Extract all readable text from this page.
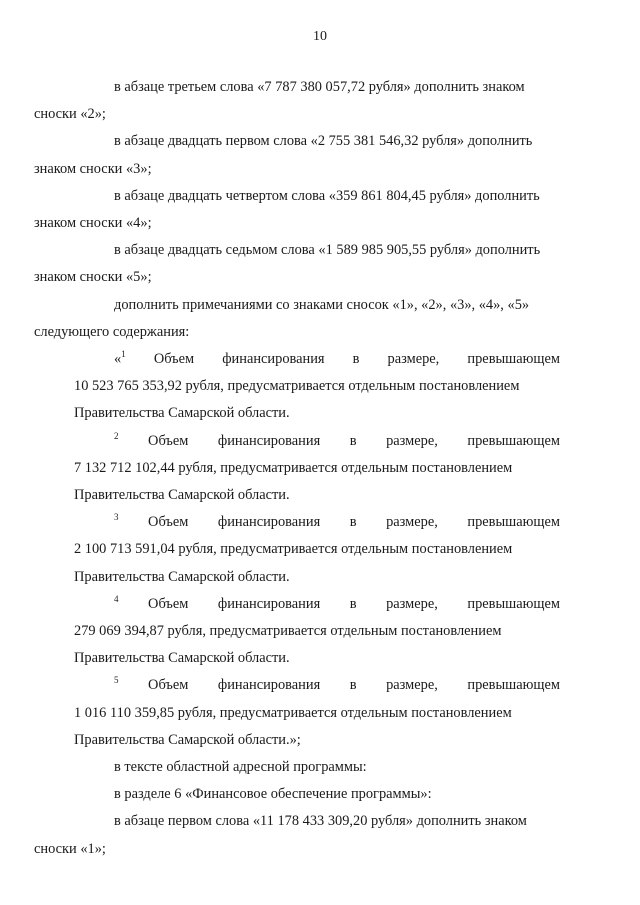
10
в абзаце третьем слова «7 787 380 057,72 рубля» дополнить знаком
сноски «2»;
в абзаце двадцать первом слова «2 755 381 546,32 рубля» дополнить
знаком сноски «3»;
в абзаце двадцать четвертом слова «359 861 804,45 рубля» дополнить
знаком сноски «4»;
в абзаце двадцать седьмом слова «1 589 985 905,55 рубля» дополнить
знаком сноски «5»;
дополнить примечаниями со знаками сносок «1», «2», «3», «4», «5»
следующего содержания:
«$^1$ Объем финансирования в размере, превышающем
10 523 765 353,92 рубля, предусматривается отдельным постановлением
Правительства Самарской области.
$^2$ Объем финансирования в размере, превышающем
7 132 712 102,44 рубля, предусматривается отдельным постановлением
Правительства Самарской области.
$^3$ Объем финансирования в размере, превышающем
2 100 713 591,04 рубля, предусматривается отдельным постановлением
Правительства Самарской области.
$^4$ Объем финансирования в размере, превышающем
279 069 394,87 рубля, предусматривается отдельным постановлением
Правительства Самарской области.
$^5$ Объем финансирования в размере, превышающем
1 016 110 359,85 рубля, предусматривается отдельным постановлением
Правительства Самарской области.»;
в тексте областной адресной программы:
в разделе 6 «Финансовое обеспечение программы»:
в абзаце первом слова «11 178 433 309,20 рубля» дополнить знаком
сноски «1»;
